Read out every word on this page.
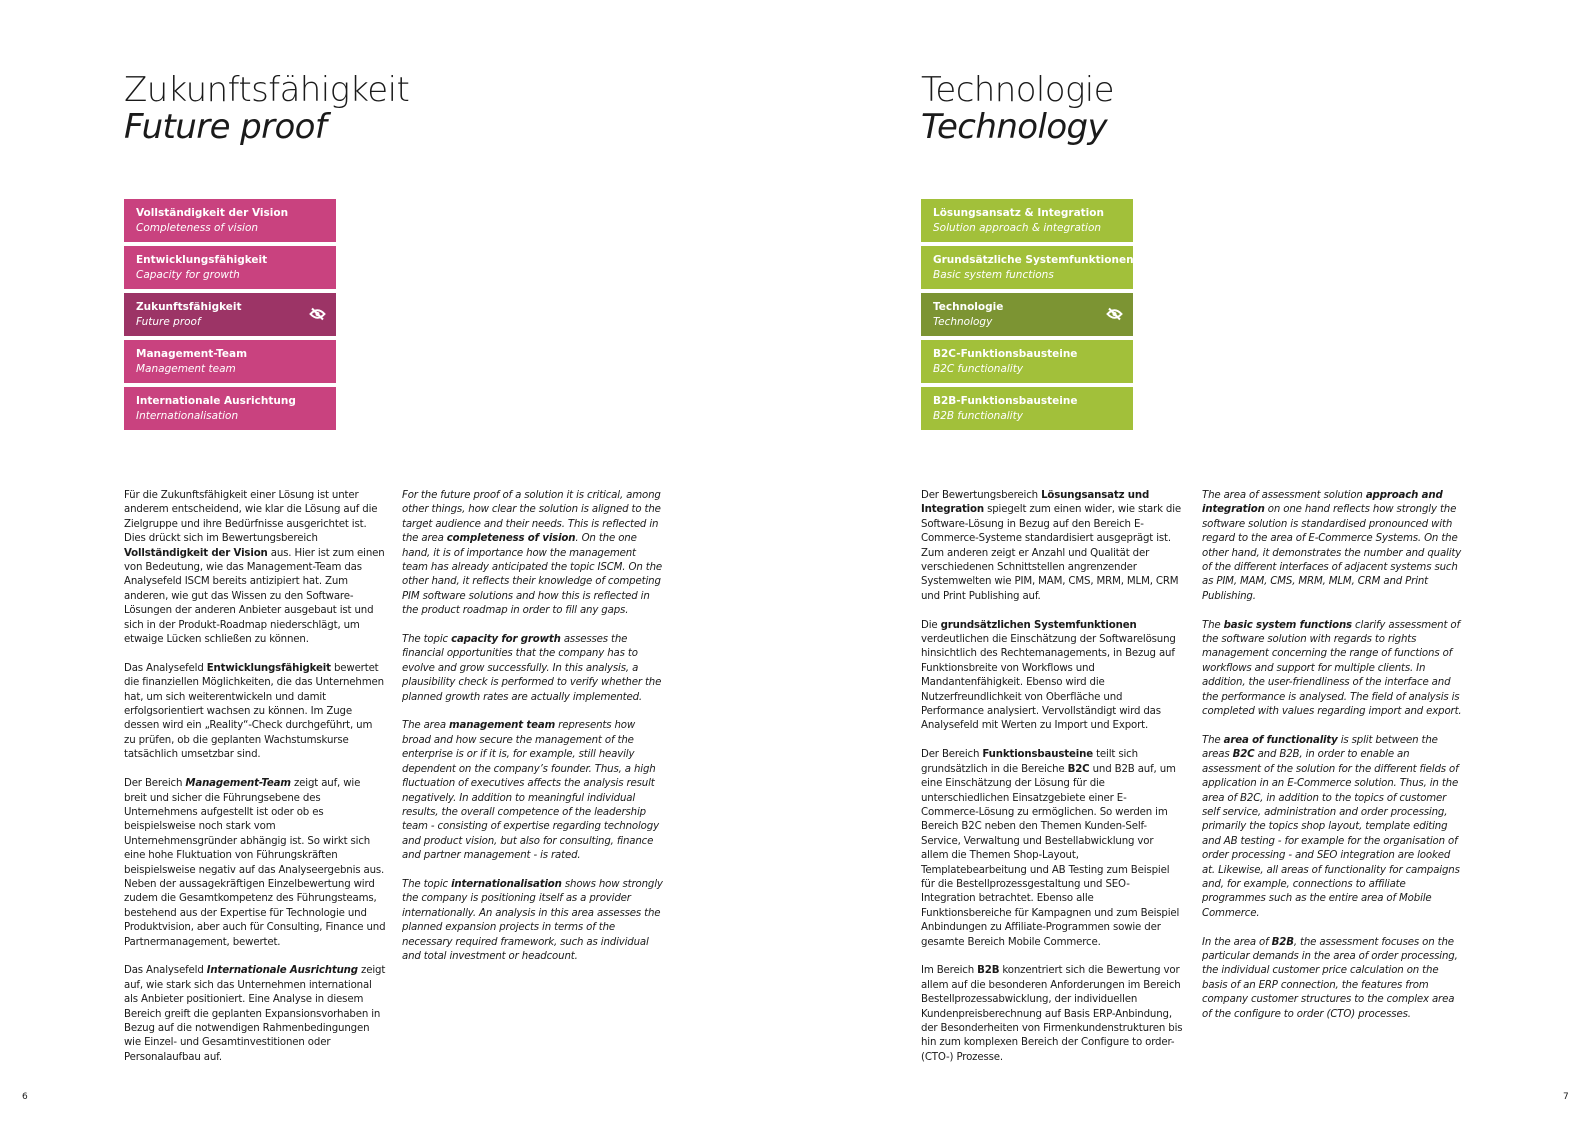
Zukunftsfähigkeit
Future proof
Vollständigkeit der Vision
Completeness of vision
Entwicklungsfähigkeit
Capacity for growth
Zukunftsfähigkeit
Future proof
Management-Team
Management team
Internationale Ausrichtung
Internationalisation

Für die Zukunftsfähigkeit einer Lösung ist unter anderem entscheidend, wie klar die Lösung auf die Zielgruppe und ihre Bedürfnisse ausgerichtet ist. Dies drückt sich im Bewertungsbereich Vollständigkeit der Vision aus. Hier ist zum einen von Bedeutung, wie das Management-Team das Analysefeld ISCM bereits antizipiert hat. Zum anderen, wie gut das Wissen zu den Software-Lösungen der anderen Anbieter ausgebaut ist und sich in der Produkt-Roadmap niederschlägt, um etwaige Lücken schließen zu können.

Das Analysefeld Entwicklungsfähigkeit bewertet die finanziellen Möglichkeiten, die das Unternehmen hat, um sich weiterentwickeln und damit erfolgsorientiert wachsen zu können. Im Zuge dessen wird ein „Reality“-Check durchgeführt, um zu prüfen, ob die geplanten Wachstumskurse tatsächlich umsetzbar sind.

Der Bereich Management-Team zeigt auf, wie breit und sicher die Führungsebene des Unternehmens aufgestellt ist oder ob es beispielsweise noch stark vom Unternehmensgründer abhängig ist. So wirkt sich eine hohe Fluktuation von Führungskräften beispielsweise negativ auf das Analyseergebnis aus. Neben der aussagekräftigen Einzelbewertung wird zudem die Gesamtkompetenz des Führungsteams, bestehend aus der Expertise für Technologie und Produktvision, aber auch für Consulting, Finance und Partnermanagement, bewertet.

Das Analysefeld Internationale Ausrichtung zeigt auf, wie stark sich das Unternehmen international als Anbieter positioniert. Eine Analyse in diesem Bereich greift die geplanten Expansionsvorhaben in Bezug auf die notwendigen Rahmenbedingungen wie Einzel- und Gesamtinvestitionen oder Personalaufbau auf.

For the future proof of a solution it is critical, among other things, how clear the solution is aligned to the target audience and their needs. This is reflected in the area completeness of vision. On the one hand, it is of importance how the management team has already anticipated the topic ISCM. On the other hand, it reflects their knowledge of competing PIM software solutions and how this is reflected in the product roadmap in order to fill any gaps.

The topic capacity for growth assesses the financial opportunities that the company has to evolve and grow successfully. In this analysis, a plausibility check is performed to verify whether the planned growth rates are actually implemented.

The area management team represents how broad and how secure the management of the enterprise is or if it is, for example, still heavily dependent on the company’s founder. Thus, a high fluctuation of executives affects the analysis result negatively. In addition to meaningful individual results, the overall competence of the leadership team - consisting of expertise regarding technology and product vision, but also for consulting, finance and partner management - is rated.

The topic internationalisation shows how strongly the company is positioning itself as a provider internationally. An analysis in this area assesses the planned expansion projects in terms of the necessary required framework, such as individual and total investment or headcount.

6
Technologie
Technology
Lösungsansatz & Integration
Solution approach & integration
Grundsätzliche Systemfunktionen
Basic system functions
Technologie
Technology
B2C-Funktionsbausteine
B2C functionality
B2B-Funktionsbausteine
B2B functionality

Der Bewertungsbereich Lösungsansatz und Integration spiegelt zum einen wider, wie stark die Software-Lösung in Bezug auf den Bereich E-Commerce-Systeme standardisiert ausgeprägt ist. Zum anderen zeigt er Anzahl und Qualität der verschiedenen Schnittstellen angrenzender Systemwelten wie PIM, MAM, CMS, MRM, MLM, CRM und Print Publishing auf.

Die grundsätzlichen Systemfunktionen verdeutlichen die Einschätzung der Softwarelösung hinsichtlich des Rechtemanagements, in Bezug auf Funktionsbreite von Workflows und Mandantenfähigkeit. Ebenso wird die Nutzerfreundlichkeit von Oberfläche und Performance analysiert. Vervollständigt wird das Analysefeld mit Werten zu Import und Export.

Der Bereich Funktionsbausteine teilt sich grundsätzlich in die Bereiche B2C und B2B auf, um eine Einschätzung der Lösung für die unterschiedlichen Einsatzgebiete einer E-Commerce-Lösung zu ermöglichen. So werden im Bereich B2C neben den Themen Kunden-Self-Service, Verwaltung und Bestellabwicklung vor allem die Themen Shop-Layout, Templatebearbeitung und AB Testing zum Beispiel für die Bestellprozessgestaltung und SEO-Integration betrachtet. Ebenso alle Funktionsbereiche für Kampagnen und zum Beispiel Anbindungen zu Affiliate-Programmen sowie der gesamte Bereich Mobile Commerce.

Im Bereich B2B konzentriert sich die Bewertung vor allem auf die besonderen Anforderungen im Bereich Bestellprozessabwicklung, der individuellen Kundenpreisberechnung auf Basis ERP-Anbindung, der Besonderheiten von Firmenkundenstrukturen bis hin zum komplexen Bereich der Configure to order-(CTO-) Prozesse.

The area of assessment solution approach and integration on one hand reflects how strongly the software solution is standardised pronounced with regard to the area of E-Commerce Systems. On the other hand, it demonstrates the number and quality of the different interfaces of adjacent systems such as PIM, MAM, CMS, MRM, MLM, CRM and Print Publishing.

The basic system functions clarify assessment of the software solution with regards to rights management concerning the range of functions of workflows and support for multiple clients. In addition, the user-friendliness of the interface and the performance is analysed. The field of analysis is completed with values regarding import and export.

The area of functionality is split between the areas B2C and B2B, in order to enable an assessment of the solution for the different fields of application in an E-Commerce solution. Thus, in the area of B2C, in addition to the topics of customer self service, administration and order processing, primarily the topics shop layout, template editing and AB testing - for example for the organisation of order processing - and SEO integration are looked at. Likewise, all areas of functionality for campaigns and, for example, connections to affiliate programmes such as the entire area of Mobile Commerce.

In the area of B2B, the assessment focuses on the particular demands in the area of order processing, the individual customer price calculation on the basis of an ERP connection, the features from company customer structures to the complex area of the configure to order (CTO) processes.

7
